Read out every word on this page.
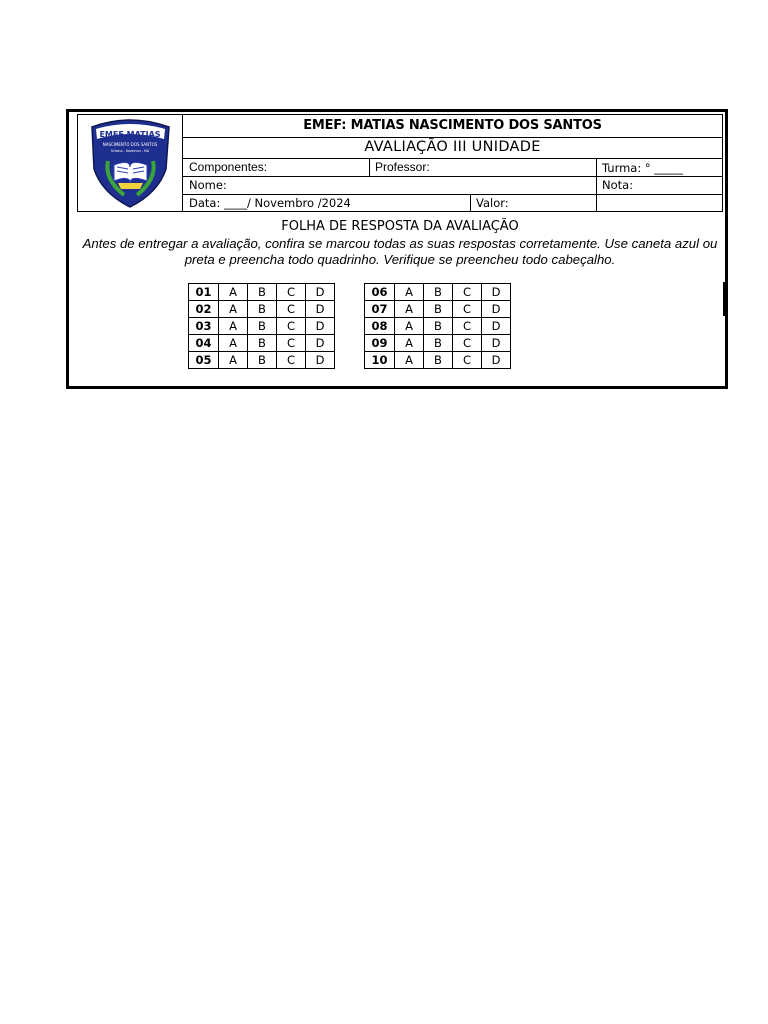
EMEF MATIAS
NASCIMENTO DOS SANTOS
Urbano - Itapecuru - MA
EMEF: MATIAS NASCIMENTO DOS SANTOS
AVALIAÇÃO III UNIDADE
Componentes:	Professor:	Turma: ° _____
Nome:	Nota:
Data: ____/ Novembro /2024	Valor:
FOLHA DE RESPOSTA DA AVALIAÇÃO
Antes de entregar a avaliação, confira se marcou todas as suas respostas corretamente. Use caneta azul ou preta e preencha todo quadrinho. Verifique se preencheu todo cabeçalho.
01	A	B	C	D
02	A	B	C	D
03	A	B	C	D
04	A	B	C	D
05	A	B	C	D
06	A	B	C	D
07	A	B	C	D
08	A	B	C	D
09	A	B	C	D
10	A	B	C	D
